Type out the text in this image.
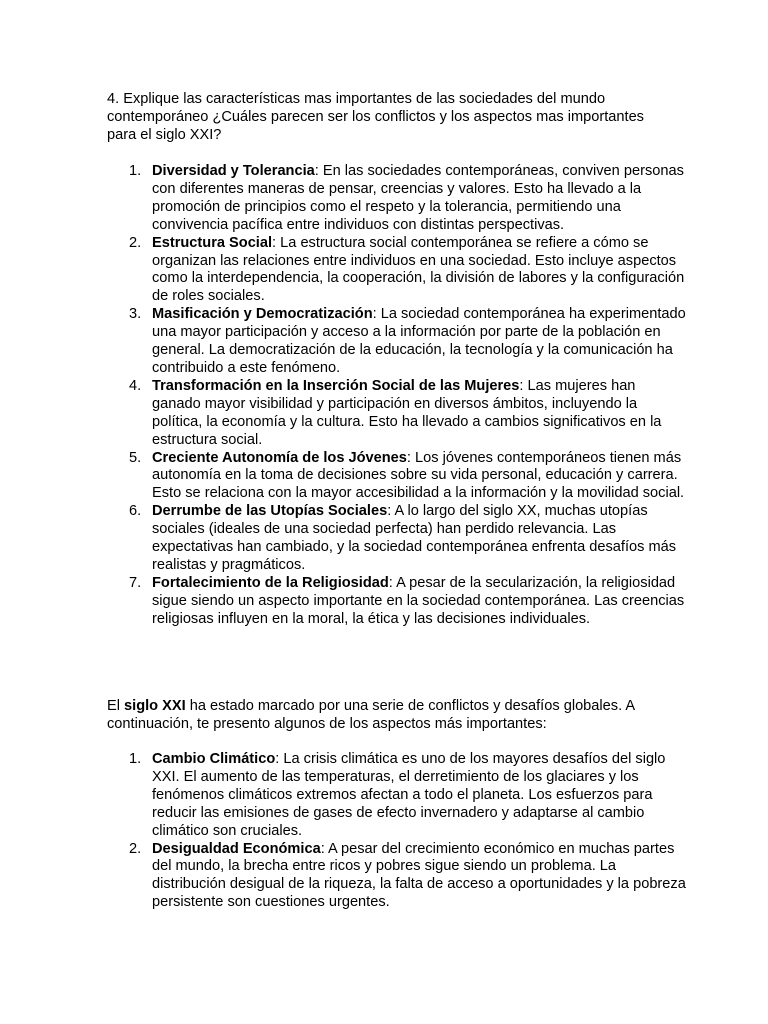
4. Explique las características mas importantes de las sociedades del mundo contemporáneo ¿Cuáles parecen ser los conflictos y los aspectos mas importantes para el siglo XXI?

1. Diversidad y Tolerancia: En las sociedades contemporáneas, conviven personas con diferentes maneras de pensar, creencias y valores. Esto ha llevado a la promoción de principios como el respeto y la tolerancia, permitiendo una convivencia pacífica entre individuos con distintas perspectivas.
2. Estructura Social: La estructura social contemporánea se refiere a cómo se organizan las relaciones entre individuos en una sociedad. Esto incluye aspectos como la interdependencia, la cooperación, la división de labores y la configuración de roles sociales.
3. Masificación y Democratización: La sociedad contemporánea ha experimentado una mayor participación y acceso a la información por parte de la población en general. La democratización de la educación, la tecnología y la comunicación ha contribuido a este fenómeno.
4. Transformación en la Inserción Social de las Mujeres: Las mujeres han ganado mayor visibilidad y participación en diversos ámbitos, incluyendo la política, la economía y la cultura. Esto ha llevado a cambios significativos en la estructura social.
5. Creciente Autonomía de los Jóvenes: Los jóvenes contemporáneos tienen más autonomía en la toma de decisiones sobre su vida personal, educación y carrera. Esto se relaciona con la mayor accesibilidad a la información y la movilidad social.
6. Derrumbe de las Utopías Sociales: A lo largo del siglo XX, muchas utopías sociales (ideales de una sociedad perfecta) han perdido relevancia. Las expectativas han cambiado, y la sociedad contemporánea enfrenta desafíos más realistas y pragmáticos.
7. Fortalecimiento de la Religiosidad: A pesar de la secularización, la religiosidad sigue siendo un aspecto importante en la sociedad contemporánea. Las creencias religiosas influyen en la moral, la ética y las decisiones individuales.

El siglo XXI ha estado marcado por una serie de conflictos y desafíos globales. A continuación, te presento algunos de los aspectos más importantes:

1. Cambio Climático: La crisis climática es uno de los mayores desafíos del siglo XXI. El aumento de las temperaturas, el derretimiento de los glaciares y los fenómenos climáticos extremos afectan a todo el planeta. Los esfuerzos para reducir las emisiones de gases de efecto invernadero y adaptarse al cambio climático son cruciales.
2. Desigualdad Económica: A pesar del crecimiento económico en muchas partes del mundo, la brecha entre ricos y pobres sigue siendo un problema. La distribución desigual de la riqueza, la falta de acceso a oportunidades y la pobreza persistente son cuestiones urgentes.
